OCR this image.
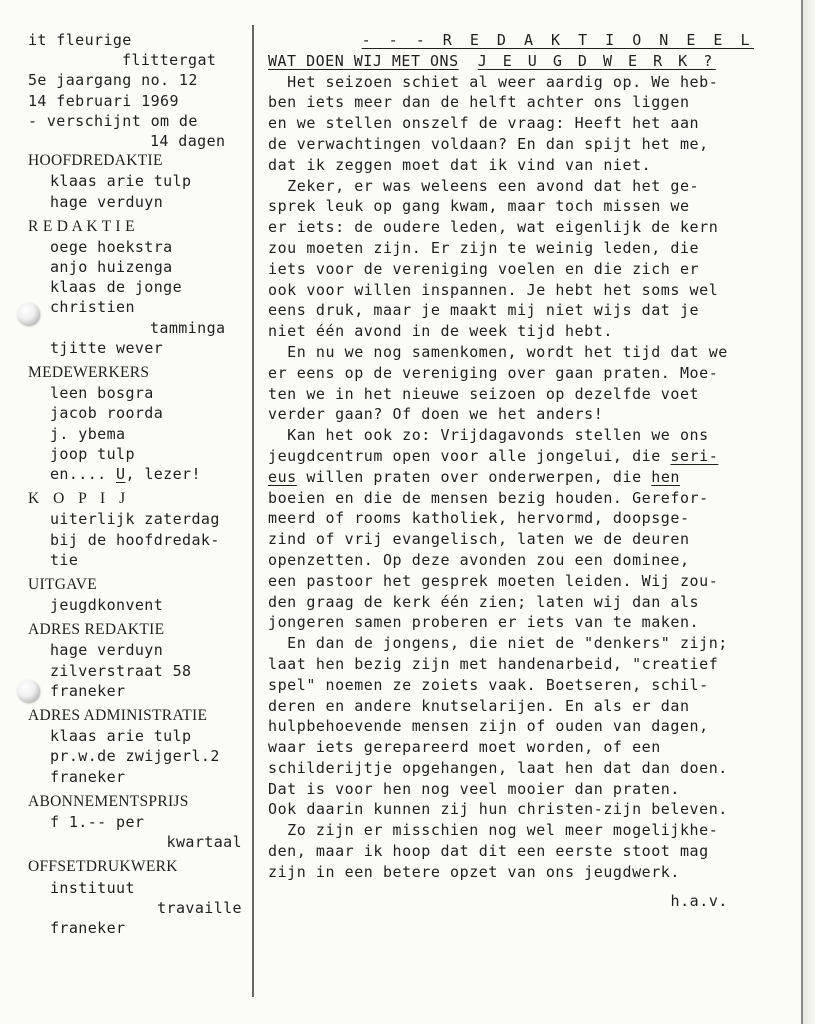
it fleurige
flittergat
5e jaargang no. 12
14 februari 1969
- verschijnt om de
14 dagen
HOOFDREDAKTIE
klaas arie tulp
hage verduyn
R E D A K T I E
oege hoekstra
anjo huizenga
klaas de jonge
christien
tamminga
tjitte wever
MEDEWERKERS
leen bosgra
jacob roorda
j. ybema
joop tulp
en.... U, lezer!
K O P I J
uiterlijk zaterdag
bij de hoofdredak-
tie
UITGAVE
jeugdkonvent
ADRES REDAKTIE
hage verduyn
zilverstraat 58
franeker
ADRES ADMINISTRATIE
klaas arie tulp
pr.w.de zwijgerl.2
franeker
ABONNEMENTSPRIJS
f 1.-- per
kwartaal
OFFSETDRUKWERK
instituut
travaille
franeker
- - - R E D A K T I O N E E L
WAT DOEN WIJ MET ONS J E U G D W E R K ?
Het seizoen schiet al weer aardig op. We heb-
ben iets meer dan de helft achter ons liggen
en we stellen onszelf de vraag: Heeft het aan
de verwachtingen voldaan? En dan spijt het me,
dat ik zeggen moet dat ik vind van niet.
Zeker, er was weleens een avond dat het ge-
sprek leuk op gang kwam, maar toch missen we
er iets: de oudere leden, wat eigenlijk de kern
zou moeten zijn. Er zijn te weinig leden, die
iets voor de vereniging voelen en die zich er
ook voor willen inspannen. Je hebt het soms wel
eens druk, maar je maakt mij niet wijs dat je
niet één avond in de week tijd hebt.
En nu we nog samenkomen, wordt het tijd dat we
er eens op de vereniging over gaan praten. Moe-
ten we in het nieuwe seizoen op dezelfde voet
verder gaan? Of doen we het anders!
Kan het ook zo: Vrijdagavonds stellen we ons
jeugdcentrum open voor alle jongelui, die seri-
eus willen praten over onderwerpen, die hen
boeien en die de mensen bezig houden. Gerefor-
meerd of rooms katholiek, hervormd, doopsge-
zind of vrij evangelisch, laten we de deuren
openzetten. Op deze avonden zou een dominee,
een pastoor het gesprek moeten leiden. Wij zou-
den graag de kerk één zien; laten wij dan als
jongeren samen proberen er iets van te maken.
En dan de jongens, die niet de "denkers" zijn;
laat hen bezig zijn met handenarbeid, "creatief
spel" noemen ze zoiets vaak. Boetseren, schil-
deren en andere knutselarijen. En als er dan
hulpbehoevende mensen zijn of ouden van dagen,
waar iets gerepareerd moet worden, of een
schilderijtje opgehangen, laat hen dat dan doen.
Dat is voor hen nog veel mooier dan praten.
Ook daarin kunnen zij hun christen-zijn beleven.
Zo zijn er misschien nog wel meer mogelijkhe-
den, maar ik hoop dat dit een eerste stoot mag
zijn in een betere opzet van ons jeugdwerk.
h.a.v.
